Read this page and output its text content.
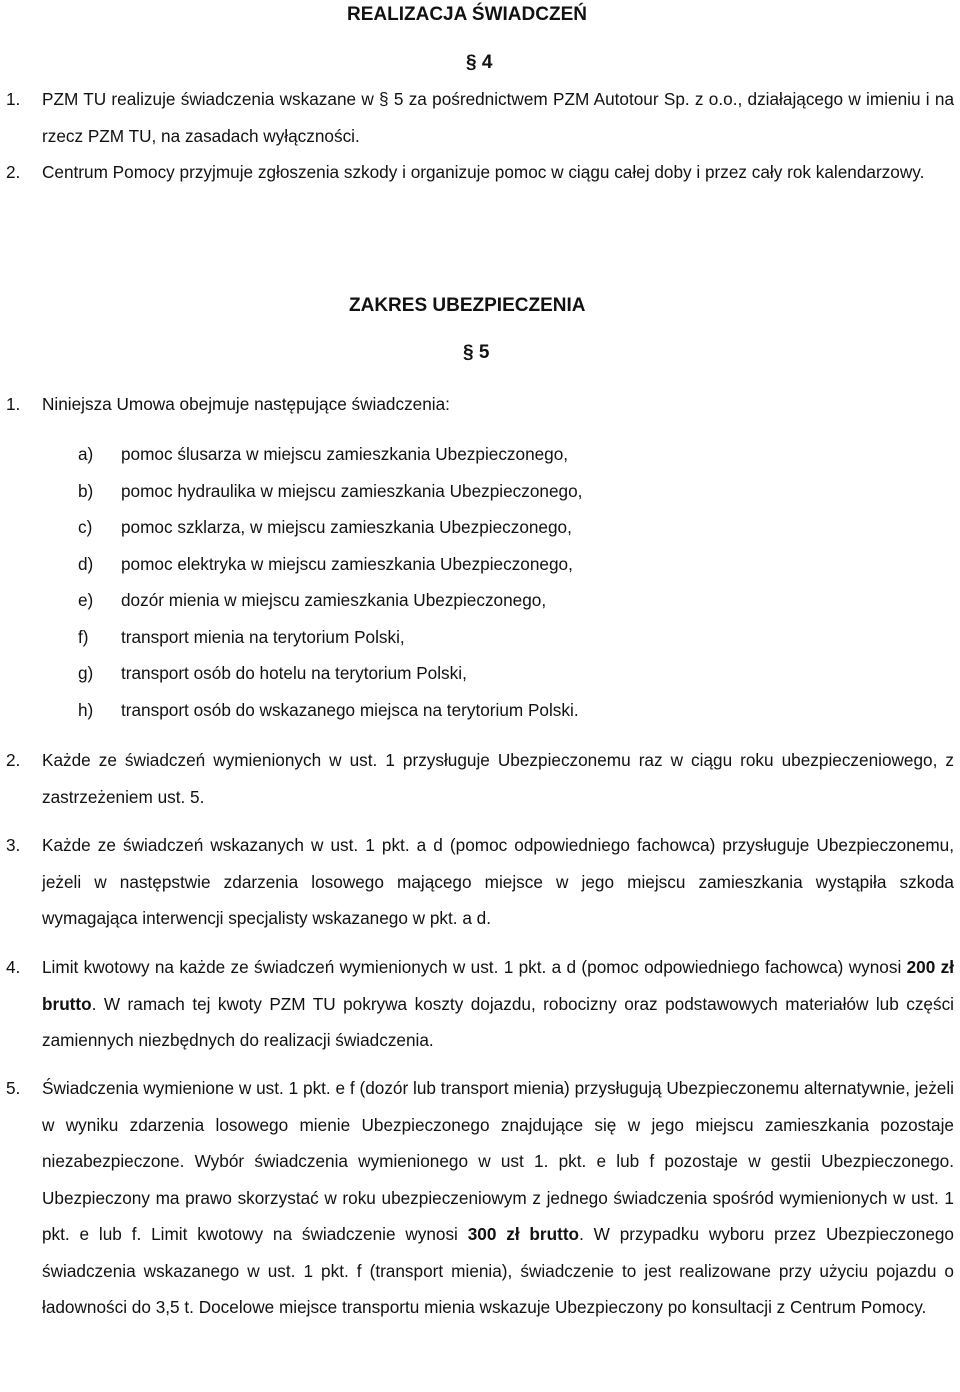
REALIZACJA ŚWIADCZEŃ
§ 4
1. PZM TU realizuje świadczenia wskazane w § 5 za pośrednictwem PZM Autotour Sp. z o.o., działającego w imieniu i na rzecz PZM TU, na zasadach wyłączności.
2. Centrum Pomocy przyjmuje zgłoszenia szkody i organizuje pomoc w ciągu całej doby i przez cały rok kalendarzowy.
ZAKRES UBEZPIECZENIA
§ 5
1. Niniejsza Umowa obejmuje następujące świadczenia:
a) pomoc ślusarza w miejscu zamieszkania Ubezpieczonego,
b) pomoc hydraulika w miejscu zamieszkania Ubezpieczonego,
c) pomoc szklarza, w miejscu zamieszkania Ubezpieczonego,
d) pomoc elektryka w miejscu zamieszkania Ubezpieczonego,
e) dozór mienia w miejscu zamieszkania Ubezpieczonego,
f) transport mienia na terytorium Polski,
g) transport osób do hotelu na terytorium Polski,
h) transport osób do wskazanego miejsca na terytorium Polski.
2. Każde ze świadczeń wymienionych w ust. 1 przysługuje Ubezpieczonemu raz w ciągu roku ubezpieczeniowego, z zastrzeżeniem ust. 5.
3. Każde ze świadczeń wskazanych w ust. 1 pkt. a d (pomoc odpowiedniego fachowca) przysługuje Ubezpieczonemu, jeżeli w następstwie zdarzenia losowego mającego miejsce w jego miejscu zamieszkania wystąpiła szkoda wymagająca interwencji specjalisty wskazanego w pkt. a d.
4. Limit kwotowy na każde ze świadczeń wymienionych w ust. 1 pkt. a d (pomoc odpowiedniego fachowca) wynosi 200 zł brutto. W ramach tej kwoty PZM TU pokrywa koszty dojazdu, robocizny oraz podstawowych materiałów lub części zamiennych niezbędnych do realizacji świadczenia.
5. Świadczenia wymienione w ust. 1 pkt. e f (dozór lub transport mienia) przysługują Ubezpieczonemu alternatywnie, jeżeli w wyniku zdarzenia losowego mienie Ubezpieczonego znajdujące się w jego miejscu zamieszkania pozostaje niezabezpieczone. Wybór świadczenia wymienionego w ust 1. pkt. e lub f pozostaje w gestii Ubezpieczonego. Ubezpieczony ma prawo skorzystać w roku ubezpieczeniowym z jednego świadczenia spośród wymienionych w ust. 1 pkt. e lub f. Limit kwotowy na świadczenie wynosi 300 zł brutto. W przypadku wyboru przez Ubezpieczonego świadczenia wskazanego w ust. 1 pkt. f (transport mienia), świadczenie to jest realizowane przy użyciu pojazdu o ładowności do 3,5 t. Docelowe miejsce transportu mienia wskazuje Ubezpieczony po konsultacji z Centrum Pomocy.
